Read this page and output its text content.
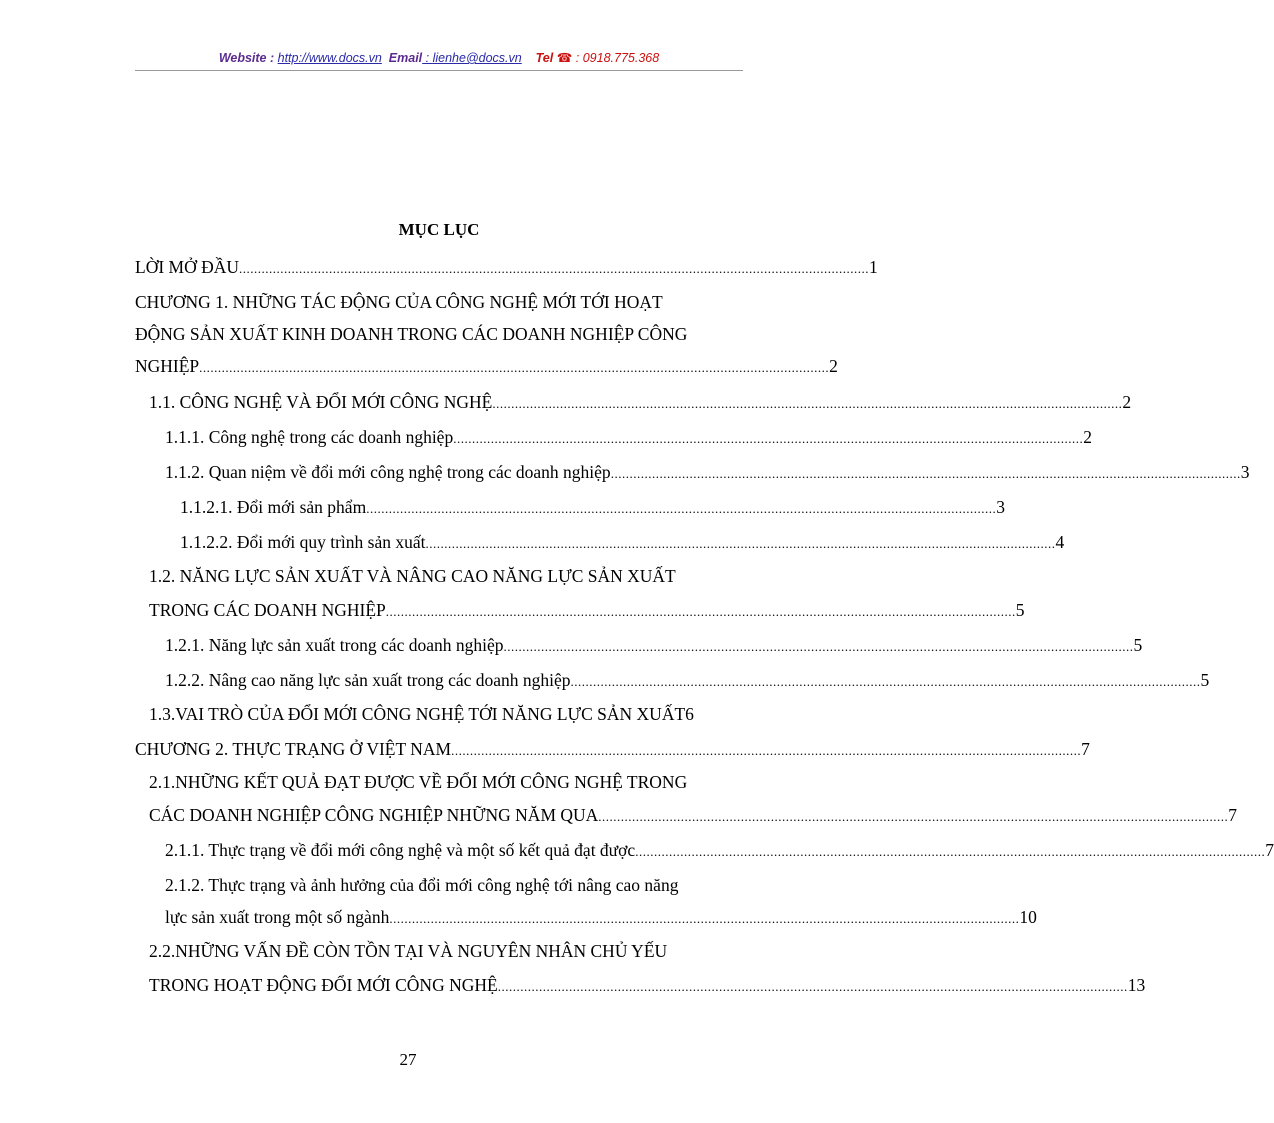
Website : http://www.docs.vn Email : lienhe@docs.vn Tel ☎ : 0918.775.368
MỤC LỤC
LỜI MỞ ĐẦU ........................................................................................................................................................................ 1
CHƯƠNG 1. NHỮNG TÁC ĐỘNG CỦA CÔNG NGHỆ MỚI TỚI HOẠT
ĐỘNG SẢN XUẤT KINH DOANH TRONG CÁC DOANH NGHIỆP CÔNG
NGHIỆP ........................................................................................................................................................................ 2
1.1. CÔNG NGHỆ VÀ ĐỔI MỚI CÔNG NGHỆ ........................................................................................................................................................................ 2
1.1.1. Công nghệ trong các doanh nghiệp ........................................................................................................................................................................ 2
1.1.2. Quan niệm về đổi mới công nghệ trong các doanh nghiệp ........................................................................................................................................................................ 3
1.1.2.1. Đổi mới sản phẩm ........................................................................................................................................................................ 3
1.1.2.2. Đổi mới quy trình sản xuất ........................................................................................................................................................................ 4
1.2. NĂNG LỰC SẢN XUẤT VÀ NÂNG CAO NĂNG LỰC SẢN XUẤT
TRONG CÁC DOANH NGHIỆP ........................................................................................................................................................................ 5
1.2.1. Năng lực sản xuất trong các doanh nghiệp ........................................................................................................................................................................ 5
1.2.2. Nâng cao năng lực sản xuất trong các doanh nghiệp ........................................................................................................................................................................ 5
1.3.VAI TRÒ CỦA ĐỔI MỚI CÔNG NGHỆ TỚI NĂNG LỰC SẢN XUẤT 6
CHƯƠNG 2. THỰC TRẠNG Ở VIỆT NAM ........................................................................................................................................................................ 7
2.1.NHỮNG KẾT QUẢ ĐẠT ĐƯỢC VỀ ĐỔI MỚI CÔNG NGHỆ TRONG
CÁC DOANH NGHIỆP CÔNG NGHIỆP NHỮNG NĂM QUA ........................................................................................................................................................................ 7
2.1.1. Thực trạng về đổi mới công nghệ và một số kết quả đạt được ........................................................................................................................................................................ 7
2.1.2. Thực trạng và ảnh hưởng của đổi mới công nghệ tới nâng cao năng
lực sản xuất trong một số ngành ........................................................................................................................................................................ 10
2.2.NHỮNG VẤN ĐỀ CÒN TỒN TẠI VÀ NGUYÊN NHÂN CHỦ YẾU
TRONG HOẠT ĐỘNG ĐỔI MỚI CÔNG NGHỆ ........................................................................................................................................................................ 13
27
